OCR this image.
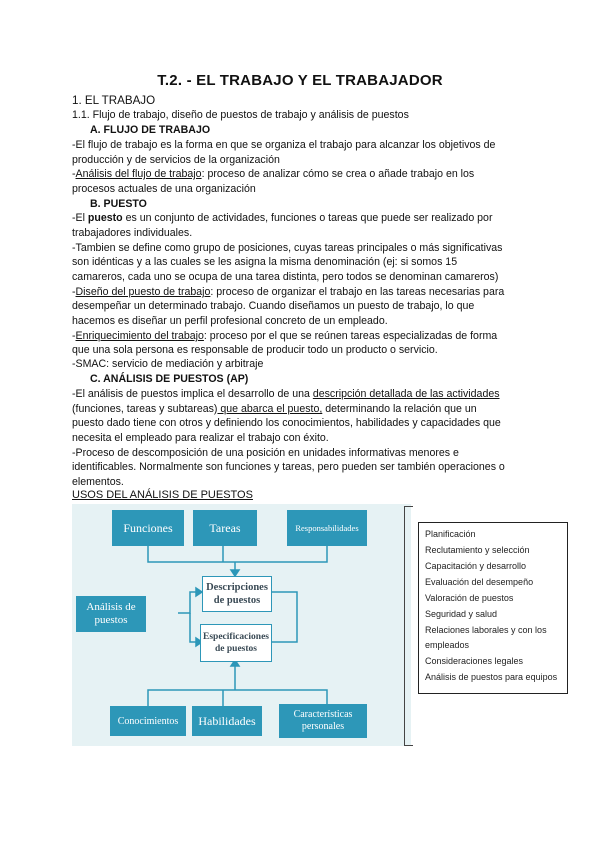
T.2. - EL TRABAJO Y EL TRABAJADOR
1. EL TRABAJO
1.1. Flujo de trabajo, diseño de puestos de trabajo y análisis de puestos
A. FLUJO DE TRABAJO
-El flujo de trabajo es la forma en que se organiza el trabajo para alcanzar los objetivos de
producción y de servicios de la organización
-Análisis del flujo de trabajo: proceso de analizar cómo se crea o añade trabajo en los
procesos actuales de una organización
B. PUESTO
-El puesto es un conjunto de actividades, funciones o tareas que puede ser realizado por
trabajadores individuales.
-Tambien se define como grupo de posiciones, cuyas tareas principales o más significativas
son idénticas y a las cuales se les asigna la misma denominación (ej: si somos 15
camareros, cada uno se ocupa de una tarea distinta, pero todos se denominan camareros)
-Diseño del puesto de trabajo: proceso de organizar el trabajo en las tareas necesarias para
desempeñar un determinado trabajo. Cuando diseñamos un puesto de trabajo, lo que
hacemos es diseñar un perfil profesional concreto de un empleado.
-Enriquecimiento del trabajo: proceso por el que se reúnen tareas especializadas de forma
que una sola persona es responsable de producir todo un producto o servicio.
-SMAC: servicio de mediación y arbitraje
C. ANÁLISIS DE PUESTOS (AP)
-El análisis de puestos implica el desarrollo de una descripción detallada de las actividades
(funciones, tareas y subtareas) que abarca el puesto, determinando la relación que un
puesto dado tiene con otros y definiendo los conocimientos, habilidades y capacidades que
necesita el empleado para realizar el trabajo con éxito.
-Proceso de descomposición de una posición en unidades informativas menores e
identificables. Normalmente son funciones y tareas, pero pueden ser también operaciones o
elementos.
USOS DEL ANÁLISIS DE PUESTOS
Funciones	Tareas	Responsabilidades
Análisis de puestos
Descripciones de puestos
Especificaciones de puestos
Conocimientos	Habilidades	Características personales
Planificación
Reclutamiento y selección
Capacitación y desarrollo
Evaluación del desempeño
Valoración de puestos
Seguridad y salud
Relaciones laborales y con los
empleados
Consideraciones legales
Análisis de puestos para equipos
